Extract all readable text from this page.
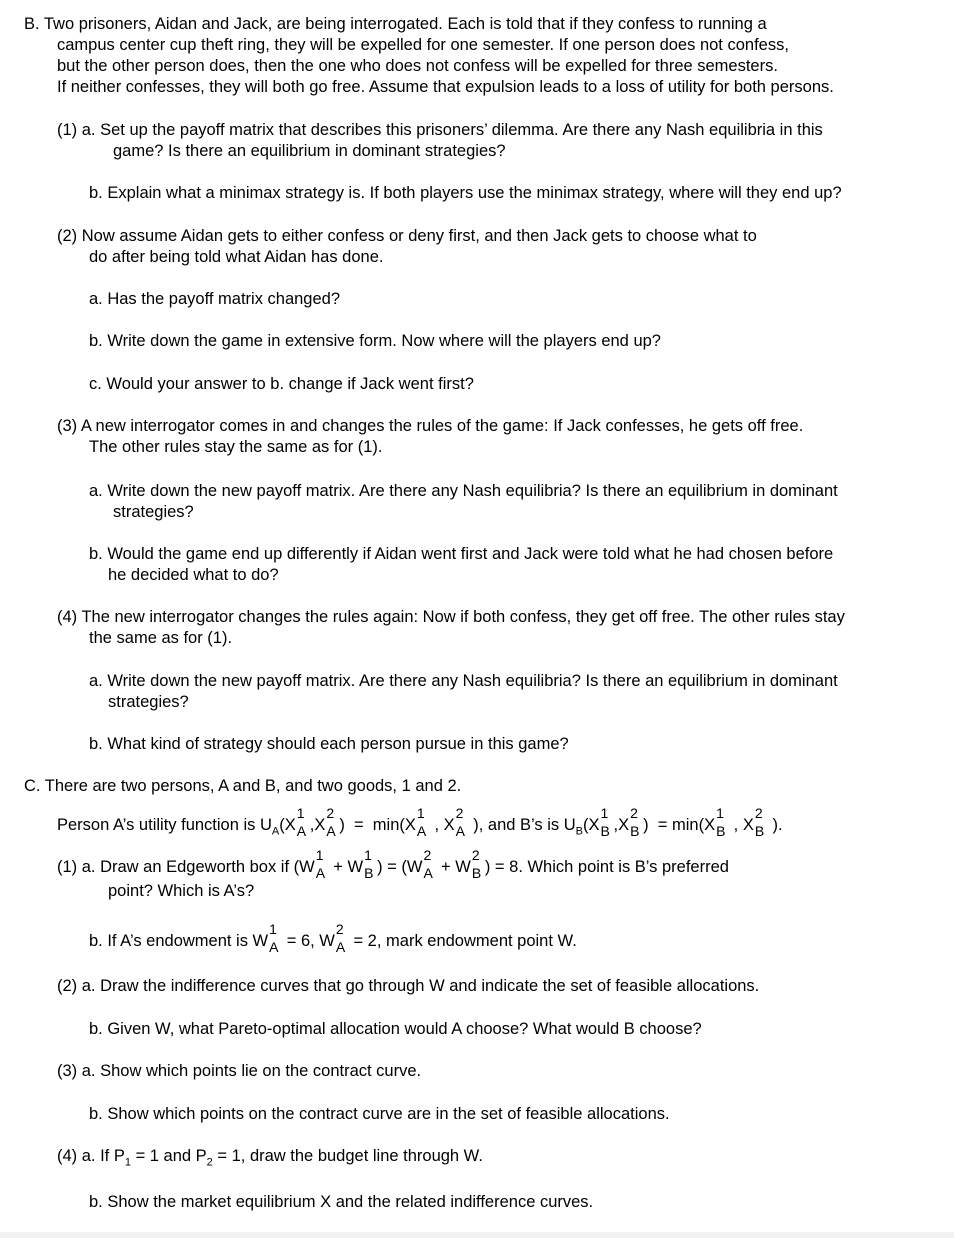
B. Two prisoners, Aidan and Jack, are being interrogated. Each is told that if they confess to running a
campus center cup theft ring, they will be expelled for one semester. If one person does not confess,
but the other person does, then the one who does not confess will be expelled for three semesters.
If neither confesses, they will both go free. Assume that expulsion leads to a loss of utility for both persons.
(1) a. Set up the payoff matrix that describes this prisoners’ dilemma. Are there any Nash equilibria in this
game? Is there an equilibrium in dominant strategies?
b. Explain what a minimax strategy is. If both players use the minimax strategy, where will they end up?
(2) Now assume Aidan gets to either confess or deny first, and then Jack gets to choose what to
do after being told what Aidan has done.
a. Has the payoff matrix changed?
b. Write down the game in extensive form. Now where will the players end up?
c. Would your answer to b. change if Jack went first?
(3) A new interrogator comes in and changes the rules of the game: If Jack confesses, he gets off free.
The other rules stay the same as for (1).
a. Write down the new payoff matrix. Are there any Nash equilibria? Is there an equilibrium in dominant
strategies?
b. Would the game end up differently if Aidan went first and Jack were told what he had chosen before
he decided what to do?
(4) The new interrogator changes the rules again: Now if both confess, they get off free. The other rules stay
the same as for (1).
a. Write down the new payoff matrix. Are there any Nash equilibria? Is there an equilibrium in dominant
strategies?
b. What kind of strategy should each person pursue in this game?
C. There are two persons, A and B, and two goods, 1 and 2.
Person A’s utility function is $U_A(X$
1
A ,X
2
A )  =  min(X
1
A , X
2
A ), and B’s is $U_B(X$
1
B ,X
2
B )  = min(X
1
B , X
2
B ).
(1) a. Draw an Edgeworth box if (W
1
A + W
1
B ) = (W
2
A + W
2
B ) = 8. Which point is B’s preferred
point? Which is A’s?
b. If A’s endowment is W
1
A = 6, W
2
A = 2, mark endowment point W.
(2) a. Draw the indifference curves that go through W and indicate the set of feasible allocations.
b. Given W, what Pareto-optimal allocation would A choose? What would B choose?
(3) a. Show which points lie on the contract curve.
b. Show which points on the contract curve are in the set of feasible allocations.
(4) a. If $P_1 = 1$ and $P_2 = 1$, draw the budget line through W.
b. Show the market equilibrium X and the related indifference curves.
